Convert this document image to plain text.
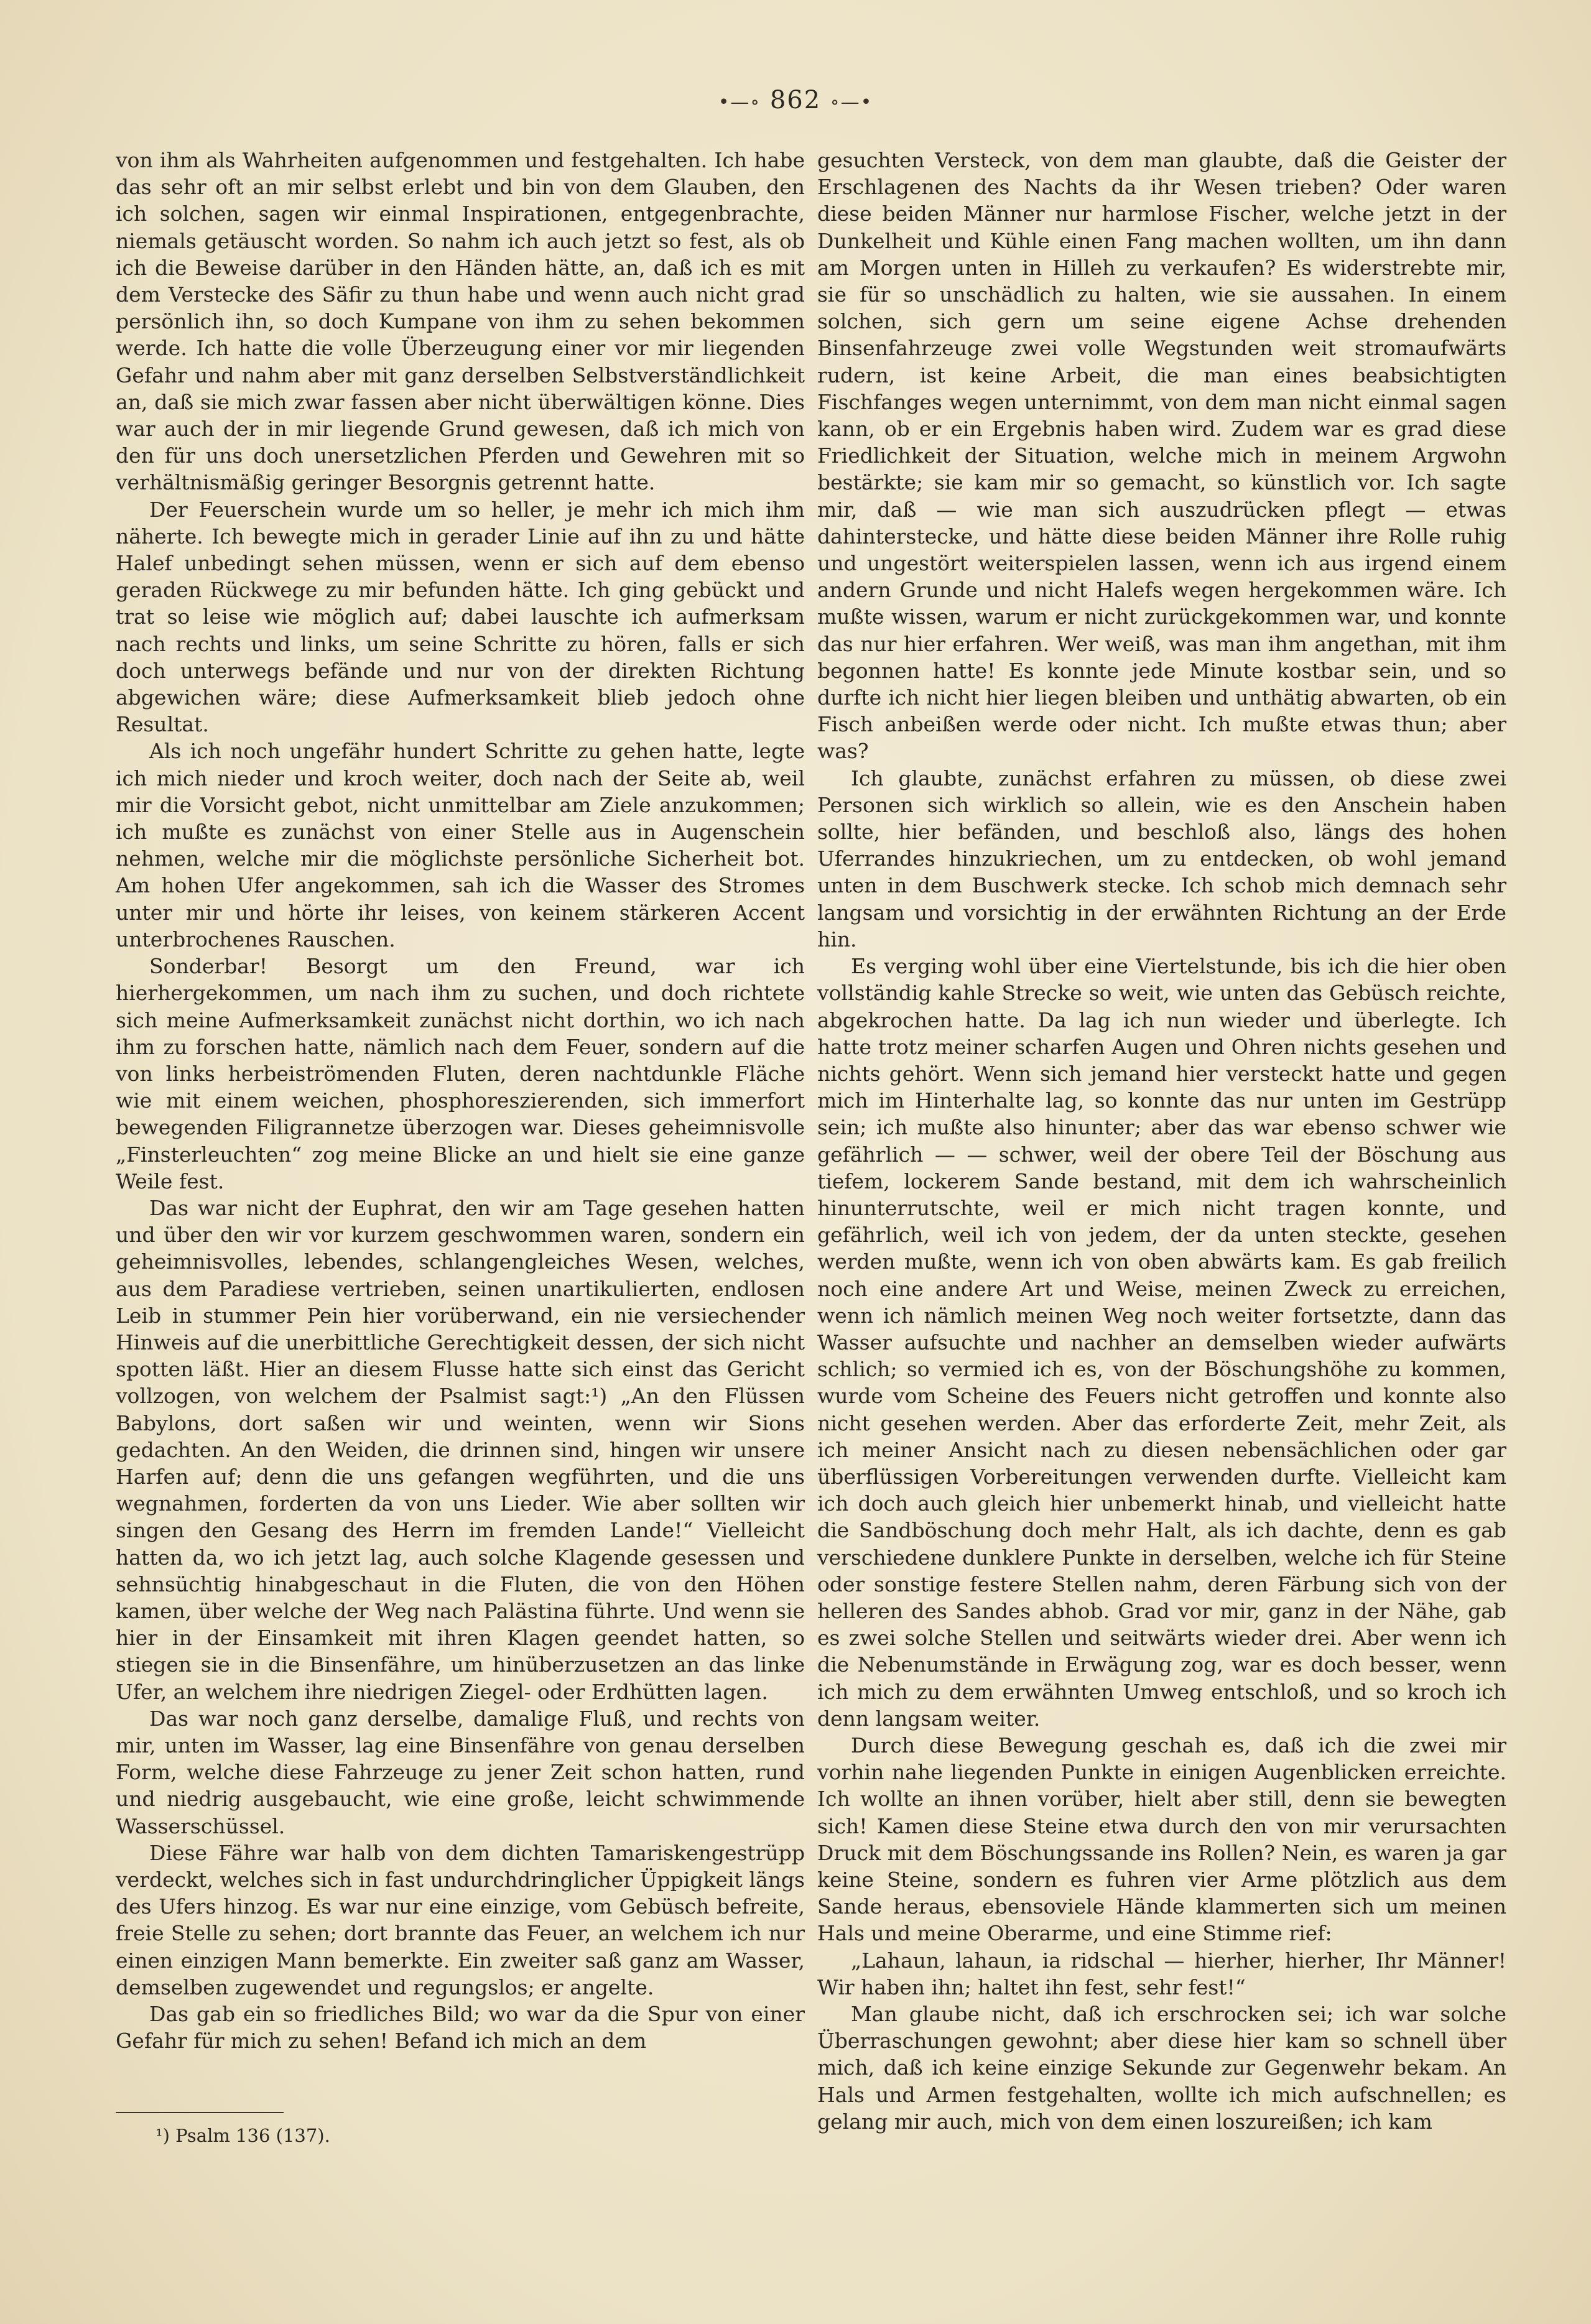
•—∘ 862 ∘—•

von ihm als Wahrheiten aufgenommen und festgehalten. Ich habe das sehr oft an mir selbst erlebt und bin von dem Glauben, den ich solchen, sagen wir einmal Inspirationen, entgegenbrachte, niemals getäuscht worden. So nahm ich auch jetzt so fest, als ob ich die Beweise darüber in den Händen hätte, an, daß ich es mit dem Verstecke des Säfir zu thun habe und wenn auch nicht grad persönlich ihn, so doch Kumpane von ihm zu sehen bekommen werde. Ich hatte die volle Überzeugung einer vor mir liegenden Gefahr und nahm aber mit ganz derselben Selbstverständlichkeit an, daß sie mich zwar fassen aber nicht überwältigen könne. Dies war auch der in mir liegende Grund gewesen, daß ich mich von den für uns doch unersetzlichen Pferden und Gewehren mit so verhältnismäßig geringer Besorgnis getrennt hatte.

Der Feuerschein wurde um so heller, je mehr ich mich ihm näherte. Ich bewegte mich in gerader Linie auf ihn zu und hätte Halef unbedingt sehen müssen, wenn er sich auf dem ebenso geraden Rückwege zu mir befunden hätte. Ich ging gebückt und trat so leise wie möglich auf; dabei lauschte ich aufmerksam nach rechts und links, um seine Schritte zu hören, falls er sich doch unterwegs befände und nur von der direkten Richtung abgewichen wäre; diese Aufmerksamkeit blieb jedoch ohne Resultat.

Als ich noch ungefähr hundert Schritte zu gehen hatte, legte ich mich nieder und kroch weiter, doch nach der Seite ab, weil mir die Vorsicht gebot, nicht unmittelbar am Ziele anzukommen; ich mußte es zunächst von einer Stelle aus in Augenschein nehmen, welche mir die möglichste persönliche Sicherheit bot. Am hohen Ufer angekommen, sah ich die Wasser des Stromes unter mir und hörte ihr leises, von keinem stärkeren Accent unterbrochenes Rauschen.

Sonderbar! Besorgt um den Freund, war ich hierhergekommen, um nach ihm zu suchen, und doch richtete sich meine Aufmerksamkeit zunächst nicht dorthin, wo ich nach ihm zu forschen hatte, nämlich nach dem Feuer, sondern auf die von links herbeiströmenden Fluten, deren nachtdunkle Fläche wie mit einem weichen, phosphoreszierenden, sich immerfort bewegenden Filigrannetze überzogen war. Dieses geheimnisvolle „Finsterleuchten“ zog meine Blicke an und hielt sie eine ganze Weile fest.

Das war nicht der Euphrat, den wir am Tage gesehen hatten und über den wir vor kurzem geschwommen waren, sondern ein geheimnisvolles, lebendes, schlangengleiches Wesen, welches, aus dem Paradiese vertrieben, seinen unartikulierten, endlosen Leib in stummer Pein hier vorüberwand, ein nie versiechender Hinweis auf die unerbittliche Gerechtigkeit dessen, der sich nicht spotten läßt. Hier an diesem Flusse hatte sich einst das Gericht vollzogen, von welchem der Psalmist sagt:¹) „An den Flüssen Babylons, dort saßen wir und weinten, wenn wir Sions gedachten. An den Weiden, die drinnen sind, hingen wir unsere Harfen auf; denn die uns gefangen wegführten, und die uns wegnahmen, forderten da von uns Lieder. Wie aber sollten wir singen den Gesang des Herrn im fremden Lande!“ Vielleicht hatten da, wo ich jetzt lag, auch solche Klagende gesessen und sehnsüchtig hinabgeschaut in die Fluten, die von den Höhen kamen, über welche der Weg nach Palästina führte. Und wenn sie hier in der Einsamkeit mit ihren Klagen geendet hatten, so stiegen sie in die Binsenfähre, um hinüberzusetzen an das linke Ufer, an welchem ihre niedrigen Ziegel- oder Erdhütten lagen.

Das war noch ganz derselbe, damalige Fluß, und rechts von mir, unten im Wasser, lag eine Binsenfähre von genau derselben Form, welche diese Fahrzeuge zu jener Zeit schon hatten, rund und niedrig ausgebaucht, wie eine große, leicht schwimmende Wasserschüssel.

Diese Fähre war halb von dem dichten Tamariskengestrüpp verdeckt, welches sich in fast undurchdringlicher Üppigkeit längs des Ufers hinzog. Es war nur eine einzige, vom Gebüsch befreite, freie Stelle zu sehen; dort brannte das Feuer, an welchem ich nur einen einzigen Mann bemerkte. Ein zweiter saß ganz am Wasser, demselben zugewendet und regungslos; er angelte.

Das gab ein so friedliches Bild; wo war da die Spur von einer Gefahr für mich zu sehen! Befand ich mich an dem

gesuchten Versteck, von dem man glaubte, daß die Geister der Erschlagenen des Nachts da ihr Wesen trieben? Oder waren diese beiden Männer nur harmlose Fischer, welche jetzt in der Dunkelheit und Kühle einen Fang machen wollten, um ihn dann am Morgen unten in Hilleh zu verkaufen? Es widerstrebte mir, sie für so unschädlich zu halten, wie sie aussahen. In einem solchen, sich gern um seine eigene Achse drehenden Binsenfahrzeuge zwei volle Wegstunden weit stromaufwärts rudern, ist keine Arbeit, die man eines beabsichtigten Fischfanges wegen unternimmt, von dem man nicht einmal sagen kann, ob er ein Ergebnis haben wird. Zudem war es grad diese Friedlichkeit der Situation, welche mich in meinem Argwohn bestärkte; sie kam mir so gemacht, so künstlich vor. Ich sagte mir, daß — wie man sich auszudrücken pflegt — etwas dahinterstecke, und hätte diese beiden Männer ihre Rolle ruhig und ungestört weiterspielen lassen, wenn ich aus irgend einem andern Grunde und nicht Halefs wegen hergekommen wäre. Ich mußte wissen, warum er nicht zurückgekommen war, und konnte das nur hier erfahren. Wer weiß, was man ihm angethan, mit ihm begonnen hatte! Es konnte jede Minute kostbar sein, und so durfte ich nicht hier liegen bleiben und unthätig abwarten, ob ein Fisch anbeißen werde oder nicht. Ich mußte etwas thun; aber was?

Ich glaubte, zunächst erfahren zu müssen, ob diese zwei Personen sich wirklich so allein, wie es den Anschein haben sollte, hier befänden, und beschloß also, längs des hohen Uferrandes hinzukriechen, um zu entdecken, ob wohl jemand unten in dem Buschwerk stecke. Ich schob mich demnach sehr langsam und vorsichtig in der erwähnten Richtung an der Erde hin.

Es verging wohl über eine Viertelstunde, bis ich die hier oben vollständig kahle Strecke so weit, wie unten das Gebüsch reichte, abgekrochen hatte. Da lag ich nun wieder und überlegte. Ich hatte trotz meiner scharfen Augen und Ohren nichts gesehen und nichts gehört. Wenn sich jemand hier versteckt hatte und gegen mich im Hinterhalte lag, so konnte das nur unten im Gestrüpp sein; ich mußte also hinunter; aber das war ebenso schwer wie gefährlich — — schwer, weil der obere Teil der Böschung aus tiefem, lockerem Sande bestand, mit dem ich wahrscheinlich hinunterrutschte, weil er mich nicht tragen konnte, und gefährlich, weil ich von jedem, der da unten steckte, gesehen werden mußte, wenn ich von oben abwärts kam. Es gab freilich noch eine andere Art und Weise, meinen Zweck zu erreichen, wenn ich nämlich meinen Weg noch weiter fortsetzte, dann das Wasser aufsuchte und nachher an demselben wieder aufwärts schlich; so vermied ich es, von der Böschungshöhe zu kommen, wurde vom Scheine des Feuers nicht getroffen und konnte also nicht gesehen werden. Aber das erforderte Zeit, mehr Zeit, als ich meiner Ansicht nach zu diesen nebensächlichen oder gar überflüssigen Vorbereitungen verwenden durfte. Vielleicht kam ich doch auch gleich hier unbemerkt hinab, und vielleicht hatte die Sandböschung doch mehr Halt, als ich dachte, denn es gab verschiedene dunklere Punkte in derselben, welche ich für Steine oder sonstige festere Stellen nahm, deren Färbung sich von der helleren des Sandes abhob. Grad vor mir, ganz in der Nähe, gab es zwei solche Stellen und seitwärts wieder drei. Aber wenn ich die Nebenumstände in Erwägung zog, war es doch besser, wenn ich mich zu dem erwähnten Umweg entschloß, und so kroch ich denn langsam weiter.

Durch diese Bewegung geschah es, daß ich die zwei mir vorhin nahe liegenden Punkte in einigen Augenblicken erreichte. Ich wollte an ihnen vorüber, hielt aber still, denn sie bewegten sich! Kamen diese Steine etwa durch den von mir verursachten Druck mit dem Böschungssande ins Rollen? Nein, es waren ja gar keine Steine, sondern es fuhren vier Arme plötzlich aus dem Sande heraus, ebensoviele Hände klammerten sich um meinen Hals und meine Oberarme, und eine Stimme rief:

„Lahaun, lahaun, ia ridschal — hierher, hierher, Ihr Männer! Wir haben ihn; haltet ihn fest, sehr fest!“

Man glaube nicht, daß ich erschrocken sei; ich war solche Überraschungen gewohnt; aber diese hier kam so schnell über mich, daß ich keine einzige Sekunde zur Gegenwehr bekam. An Hals und Armen festgehalten, wollte ich mich aufschnellen; es gelang mir auch, mich von dem einen loszureißen; ich kam

¹) Psalm 136 (137).
